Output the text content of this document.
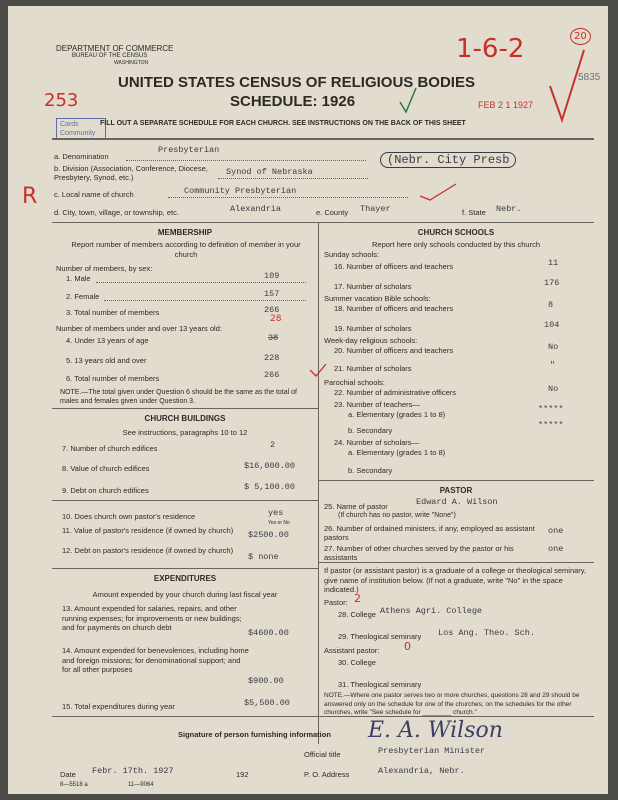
DEPARTMENT OF COMMERCE
BUREAU OF THE CENSUS
WASHINGTON
UNITED STATES CENSUS OF RELIGIOUS BODIES
SCHEDULE: 1926
5835
Cards
Community
FILL OUT A SEPARATE SCHEDULE FOR EACH CHURCH. SEE INSTRUCTIONS ON THE BACK OF THIS SHEET
1-6-2	20
253	FEB 2 1 1927
R
a. Denomination
Presbyterian
b. Division (Association, Conference, Diocese, Presbytery, Synod, etc.)
Synod of Nebraska
(Nebr. City Presb
c. Local name of church	Community Presbyterian
d. City, town, village, or township, etc.	Alexandria	e. County Thayer	f. State Nebr.
MEMBERSHIP
Report number of members according to definition of member in your church
Number of members, by sex:
1. Male	109
2. Female	157
3. Total number of members	266
Number of members under and over 13 years old:
28
4. Under 13 years of age	38
5. 13 years old and over	228
6. Total number of members	266
NOTE.—The total given under Question 6 should be the same as the total of males and females given under Question 3.
CHURCH BUILDINGS
See instructions, paragraphs 10 to 12
7. Number of church edifices	2
8. Value of church edifices	$16,000.00
9. Debt on church edifices	$ 5,100.00
10. Does church own pastor's residence	yes
Yes or No
11. Value of pastor's residence (if owned by church)	$2500.00
12. Debt on pastor's residence (if owned by church)
$ none
EXPENDITURES
Amount expended by your church during last fiscal year
13. Amount expended for salaries, repairs, and other running expenses; for improvements or new buildings; and for payments on church debt
$4600.00
14. Amount expended for benevolences, including home and foreign missions; for denominational support; and for all other purposes
$900.00
15. Total expenditures during year	$5,500.00
CHURCH SCHOOLS
Report here only schools conducted by this church
Sunday schools:
16. Number of officers and teachers	11
17. Number of scholars	176
Summer vacation Bible schools:
18. Number of officers and teachers	8
19. Number of scholars	104
Week-day religious schools:
20. Number of officers and teachers	No
21. Number of scholars	"
Parochial schools:
22. Number of administrative officers	No
23. Number of teachers—
a. Elementary (grades 1 to 8)
*****
b. Secondary
*****
24. Number of scholars—
a. Elementary (grades 1 to 8)
b. Secondary
PASTOR
25. Name of pastor	Edward A. Wilson
(If church has no pastor, write "None")
26. Number of ordained ministers, if any, employed as assistant pastors
one
27. Number of other churches served by the pastor or his assistants
one
If pastor (or assistant pastor) is a graduate of a college or theological seminary, give name of institution below. (If not a graduate, write "No" in the space indicated.)
Pastor: 2
28. College Athens Agri. College
29. Theological seminary Los Ang. Theo. Sch.
Assistant pastor: 0
30. College
31. Theological seminary
NOTE.—Where one pastor serves two or more churches, questions 28 and 29 should be answered only on the schedule for one of the churches; on the schedules for the other churches, write "See schedule for ________ church."
Signature of person furnishing information E. A. Wilson
Official title	Presbyterian Minister
Date Febr. 17th. 1927	192	P. O. Address	Alexandria, Nebr.
8—5518 a	11—9064
